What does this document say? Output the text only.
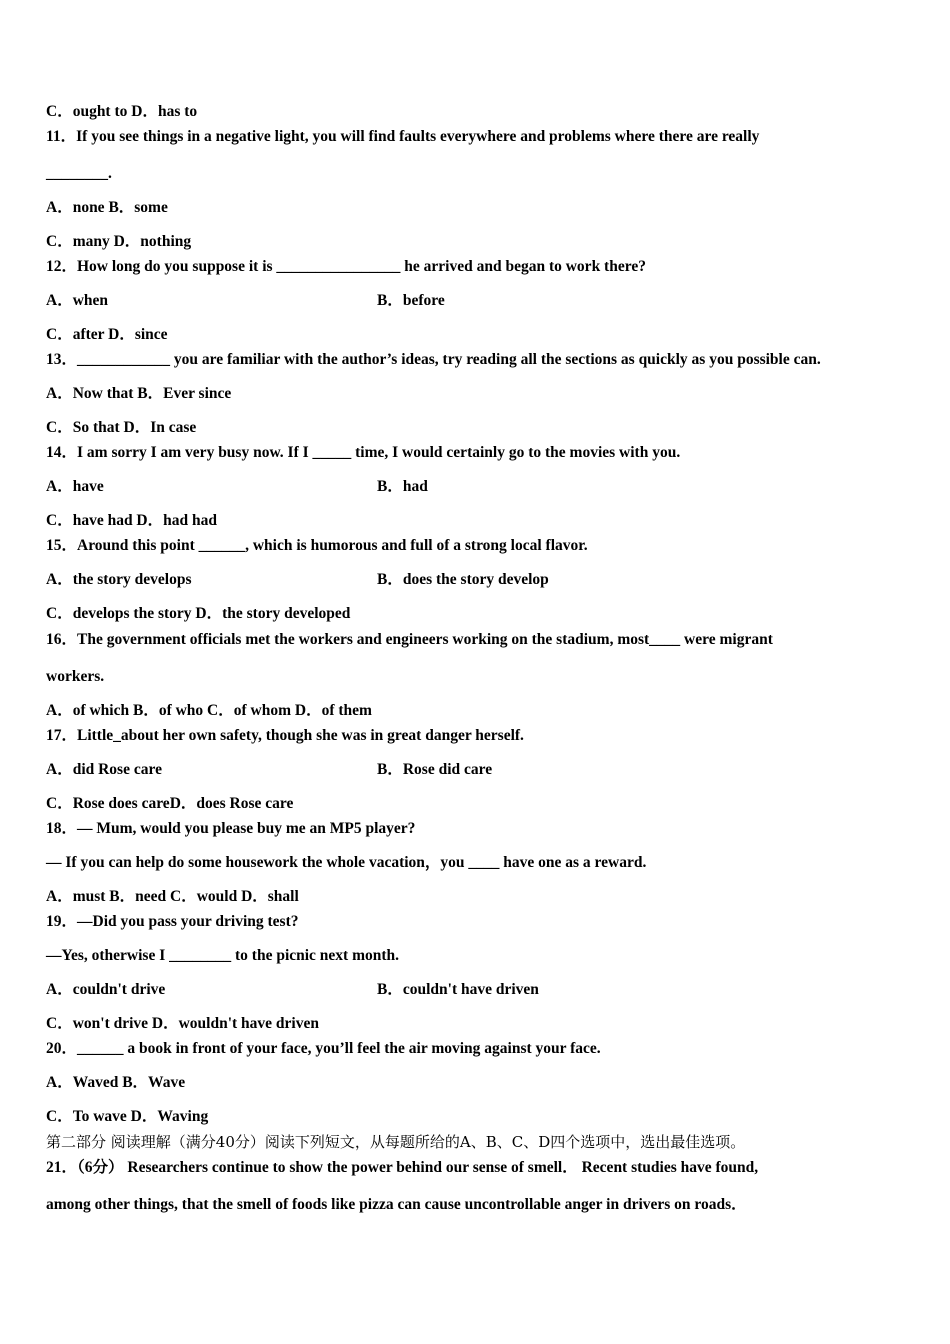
C．ought to D．has to
11．If you see things in a negative light, you will find faults everywhere and problems where there are really
________.
A．none B．some
C．many D．nothing
12．How long do you suppose it is ________________ he arrived and began to work there?
A．when	B．before
C．after D．since
13．____________ you are familiar with the author’s ideas, try reading all the sections as quickly as you possible can.
A．Now that B．Ever since
C．So that D．In case
14．I am sorry I am very busy now. If I _____ time, I would certainly go to the movies with you.
A．have	B．had
C．have had D．had had
15．Around this point ______, which is humorous and full of a strong local flavor.
A．the story develops	B．does the story develop
C．develops the story D．the story developed
16．The government officials met the workers and engineers working on the stadium, most____ were migrant
workers.
A．of which B．of who C．of whom D．of them
17．Little_about her own safety, though she was in great danger herself.
A．did Rose care	B．Rose did care
C．Rose does careD．does Rose care
18．— Mum, would you please buy me an MP5 player?
— If you can help do some housework the whole vacation，you ____ have one as a reward.
A．must B．need C．would D．shall
19．—Did you pass your driving test?
—Yes, otherwise I ________ to the picnic next month.
A．couldn't drive	B．couldn't have driven
C．won't drive D．wouldn't have driven
20．______ a book in front of your face, you’ll feel the air moving against your face.
A．Waved B．Wave
C．To wave D．Waving
第二部分 阅读理解（满分40分）阅读下列短文，从每题所给的A、B、C、D四个选项中，选出最佳选项。
21．（6分） Researchers continue to show the power behind our sense of smell． Recent studies have found,
among other things, that the smell of foods like pizza can cause uncontrollable anger in drivers on roads．
